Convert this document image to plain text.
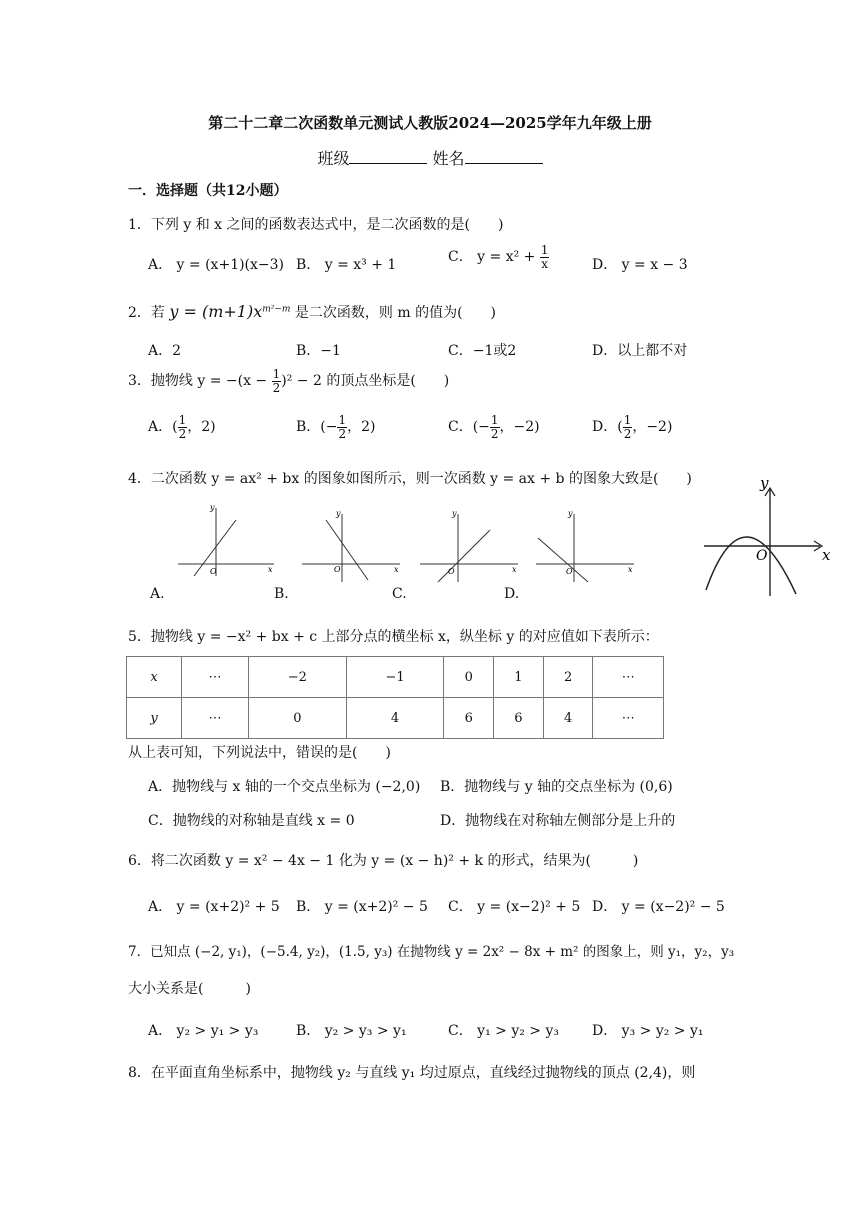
第二十二章二次函数单元测试人教版2024—2025学年九年级上册
班级	姓名
一．选择题（共12小题）
1．下列 y 和 x 之间的函数表达式中，是二次函数的是(　　)
A． y = (x+1)(x−3) B． y = x³ + 1	C． $y = x^2 + \frac{1}{x}$	D． y = x − 3
2．若 $y = (m+1)x^{m^2-m}$ 是二次函数，则 m 的值为(　　)
A．2	B．−1	C．−1或2	D．以上都不对
3．抛物线 $y = -(x - \frac{1}{2} )^2 - 2$ 的顶点坐标是(　　)
A．( $\frac{1}{2}$ ，2)	B．(− $\frac{1}{2}$ ，2)	C．(− $\frac{1}{2}$ ，−2)	D．( $\frac{1}{2}$ ，−2)
4．二次函数 y = ax² + bx 的图象如图所示，则一次函数 y = ax + b 的图象大致是(　　)
y
x
O
A.
y
x
O
B.
y
x
O
C.
y
x
O
D.
y
x
O
5．抛物线 y = −x² + bx + c 上部分点的横坐标 x，纵坐标 y 的对应值如下表所示：
x	⋯	−2	−1	0	1	2	⋯
y	⋯	0	4	6	6	4	⋯
从上表可知，下列说法中，错误的是(　　)
A．抛物线与 x 轴的一个交点坐标为 (−2,0) B．抛物线与 y 轴的交点坐标为 (0,6)
C．抛物线的对称轴是直线 x = 0	D．抛物线在对称轴左侧部分是上升的
6．将二次函数 y = x² − 4x − 1 化为 y = (x − h)² + k 的形式，结果为(　　　)
A． y = (x+2)² + 5 B． y = (x+2)² − 5 C． y = (x−2)² + 5 D． y = (x−2)² − 5
7．已知点 (−2, y₁)，(−5.4, y₂)，(1.5, y₃) 在抛物线 y = 2x² − 8x + m² 的图象上，则 y₁，y₂，y₃
大小关系是(　　　)
A． y₂ > y₁ > y₃	B． y₂ > y₃ > y₁	C． y₁ > y₂ > y₃ D． y₃ > y₂ > y₁
8．在平面直角坐标系中，抛物线 y₂ 与直线 y₁ 均过原点，直线经过抛物线的顶点 (2,4)，则
